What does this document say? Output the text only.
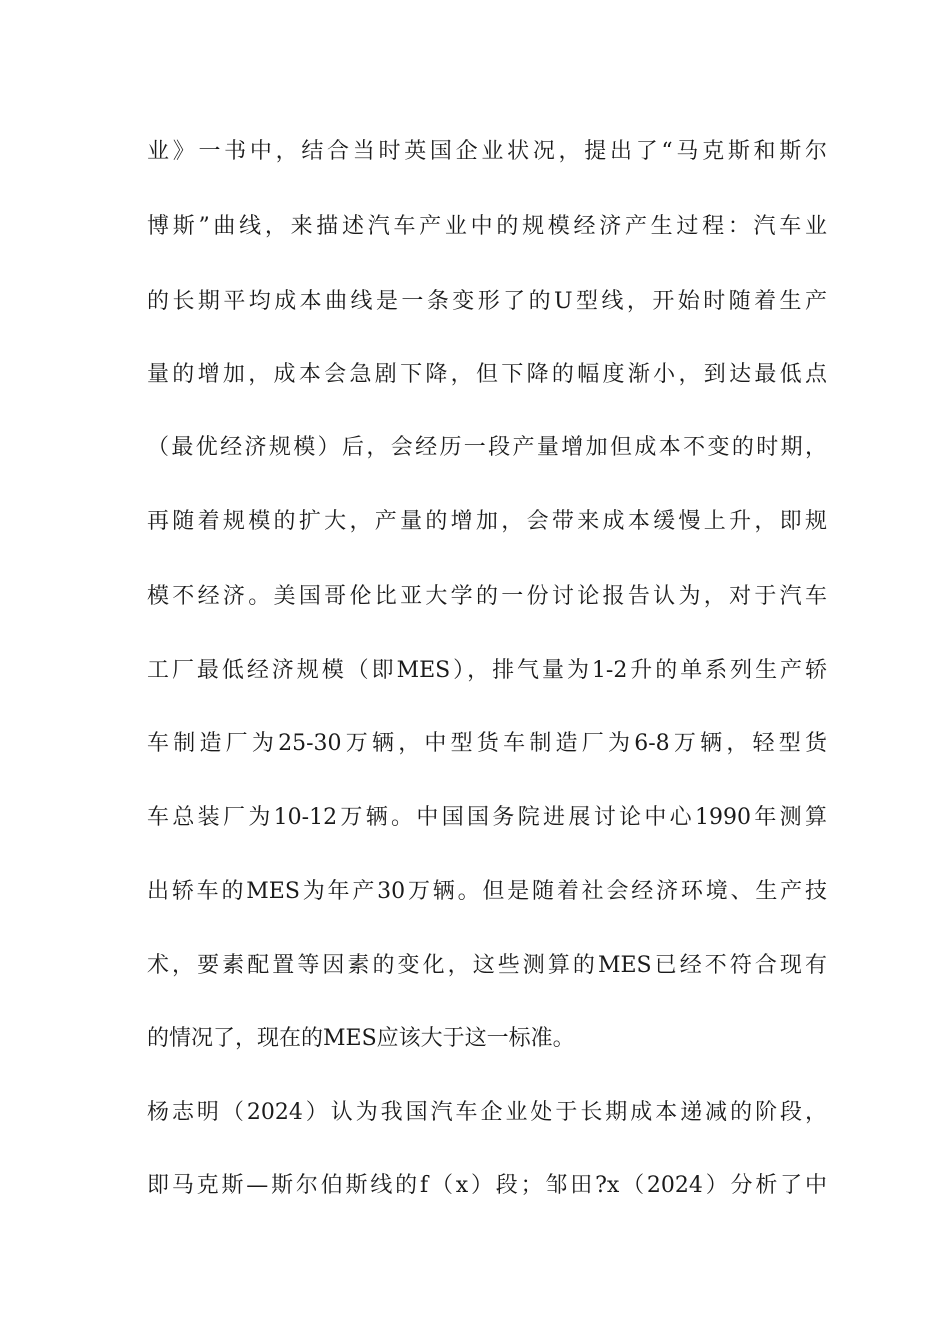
业》一书中，结合当时英国企业状况，提出了“马克斯和斯尔
博斯”曲线，来描述汽车产业中的规模经济产生过程：汽车业
的长期平均成本曲线是一条变形了的U型线，开始时随着生产
量的增加，成本会急剧下降，但下降的幅度渐小，到达最低点
（最优经济规模）后，会经历一段产量增加但成本不变的时期，
再随着规模的扩大，产量的增加，会带来成本缓慢上升，即规
模不经济。美国哥伦比亚大学的一份讨论报告认为，对于汽车
工厂最低经济规模（即MES），排气量为1-2升的单系列生产轿
车制造厂为25-30万辆，中型货车制造厂为6-8万辆，轻型货
车总装厂为10-12万辆。中国国务院进展讨论中心1990年测算
出轿车的MES为年产30万辆。但是随着社会经济环境、生产技
术，要素配置等因素的变化，这些测算的MES已经不符合现有
的情况了，现在的MES应该大于这一标准。
杨志明（2024）认为我国汽车企业处于长期成本递减的阶段，
即马克斯—斯尔伯斯线的f（x）段；邹田?x（2024）分析了中
